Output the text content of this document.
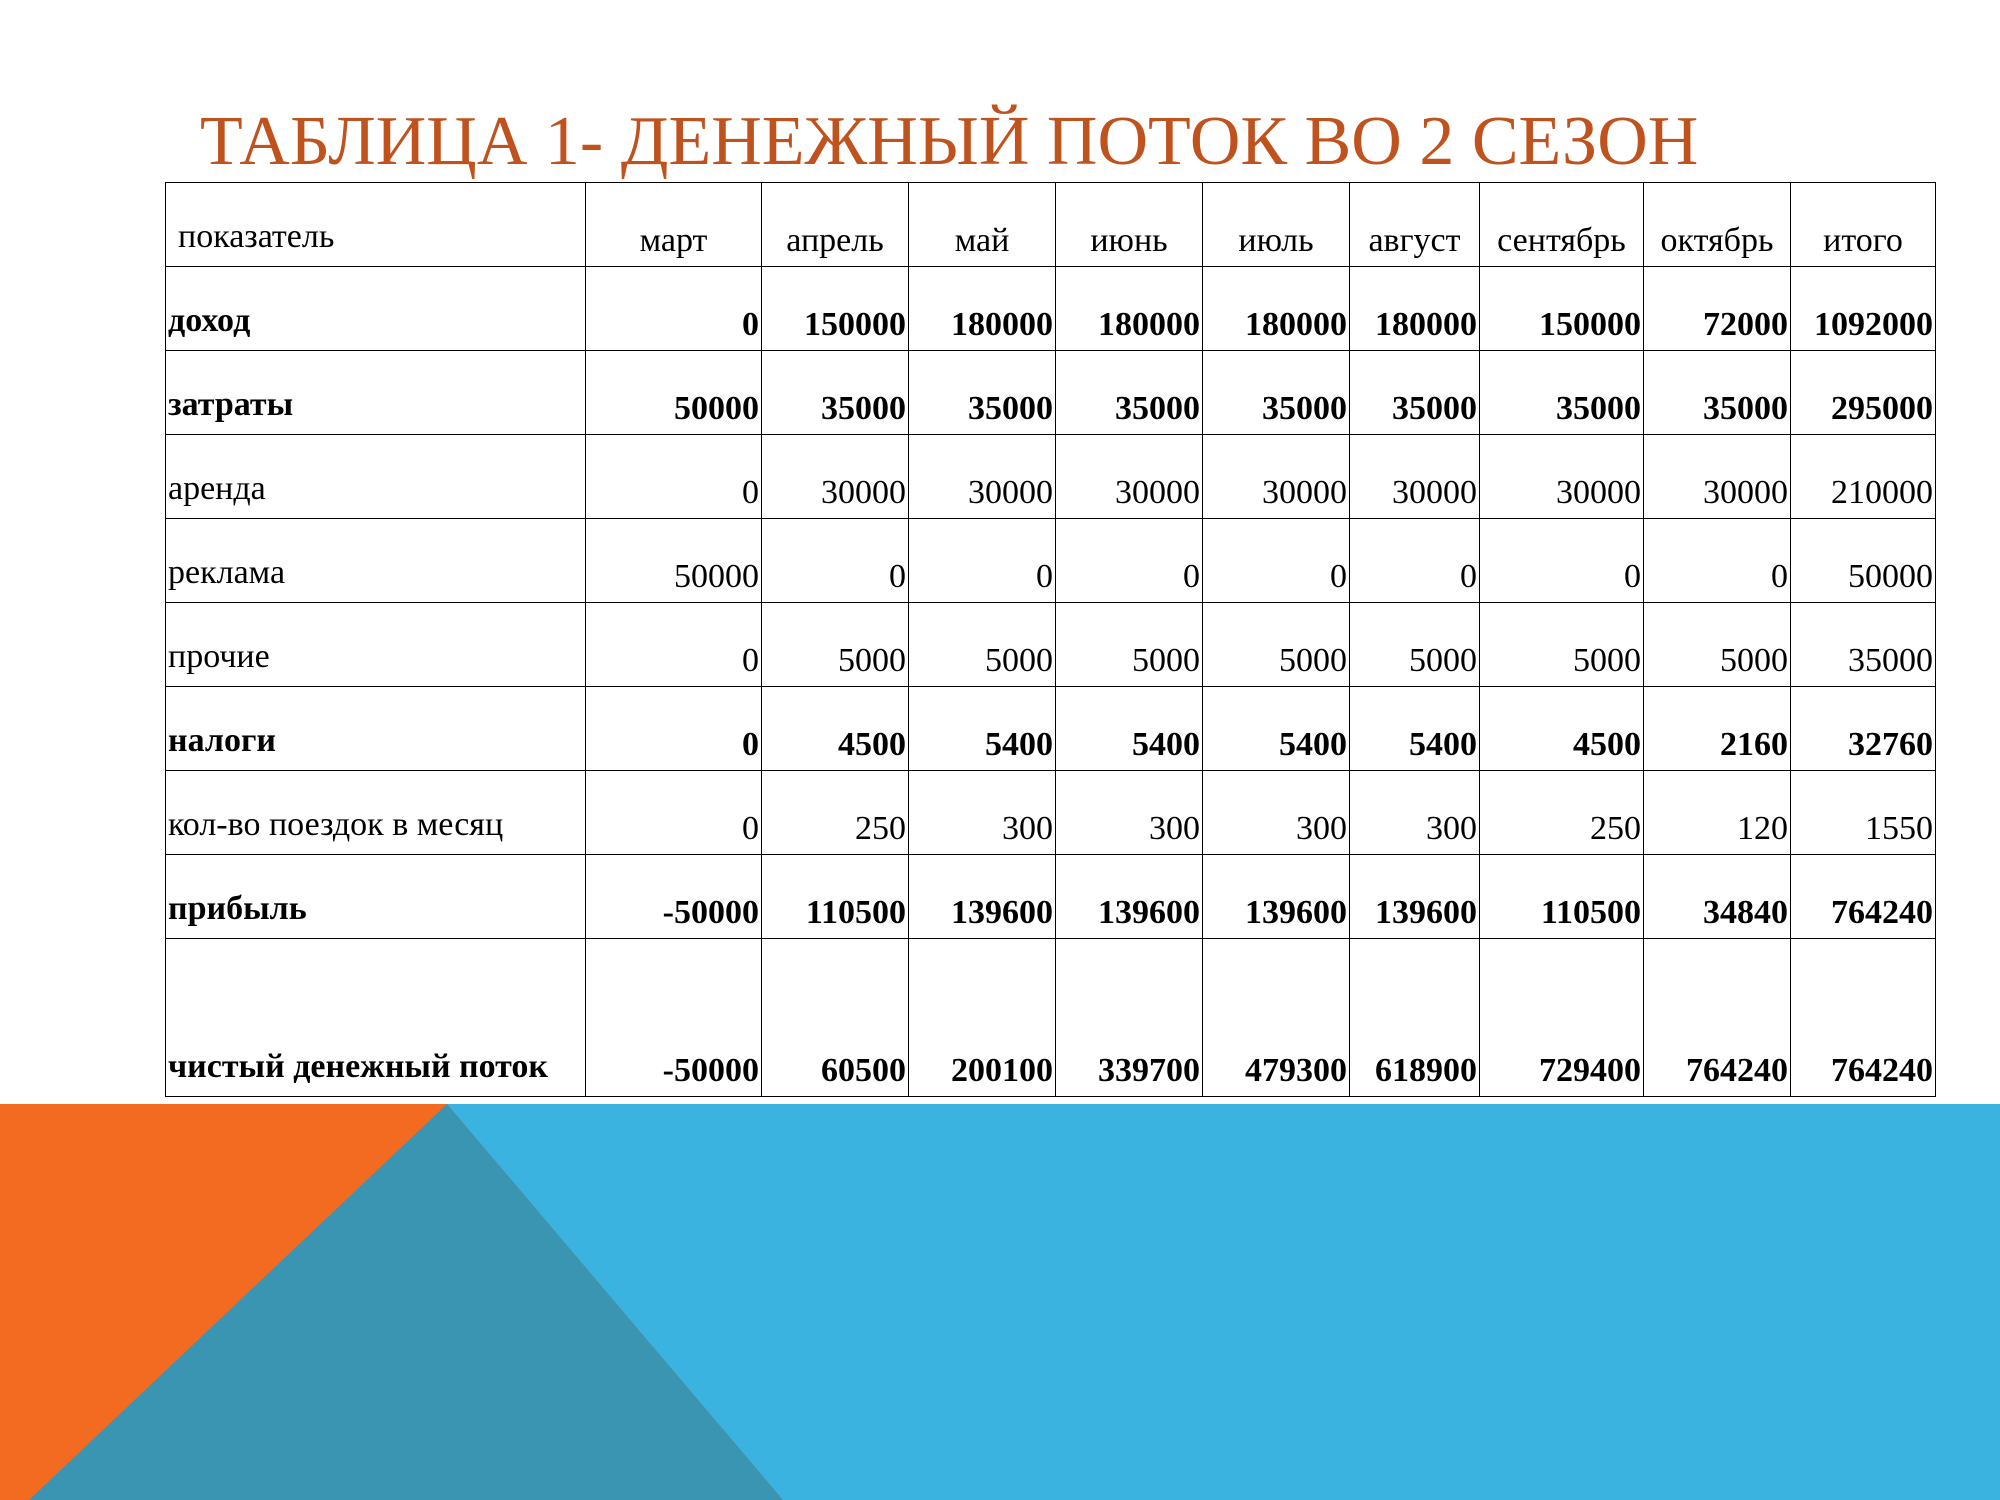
ТАБЛИЦА 1- ДЕНЕЖНЫЙ ПОТОК ВО 2 СЕЗОН
показатель	март	апрель	май	июнь	июль	август	сентябрь	октябрь	итого
доход	0	150000	180000	180000	180000	180000	150000	72000	1092000
затраты	50000	35000	35000	35000	35000	35000	35000	35000	295000
аренда	0	30000	30000	30000	30000	30000	30000	30000	210000
реклама	50000	0	0	0	0	0	0	0	50000
прочие	0	5000	5000	5000	5000	5000	5000	5000	35000
налоги	0	4500	5400	5400	5400	5400	4500	2160	32760
кол-во поездок в месяц	0	250	300	300	300	300	250	120	1550
прибыль	-50000	110500	139600	139600	139600	139600	110500	34840	764240
чистый денежный поток	-50000	60500	200100	339700	479300	618900	729400	764240	764240
